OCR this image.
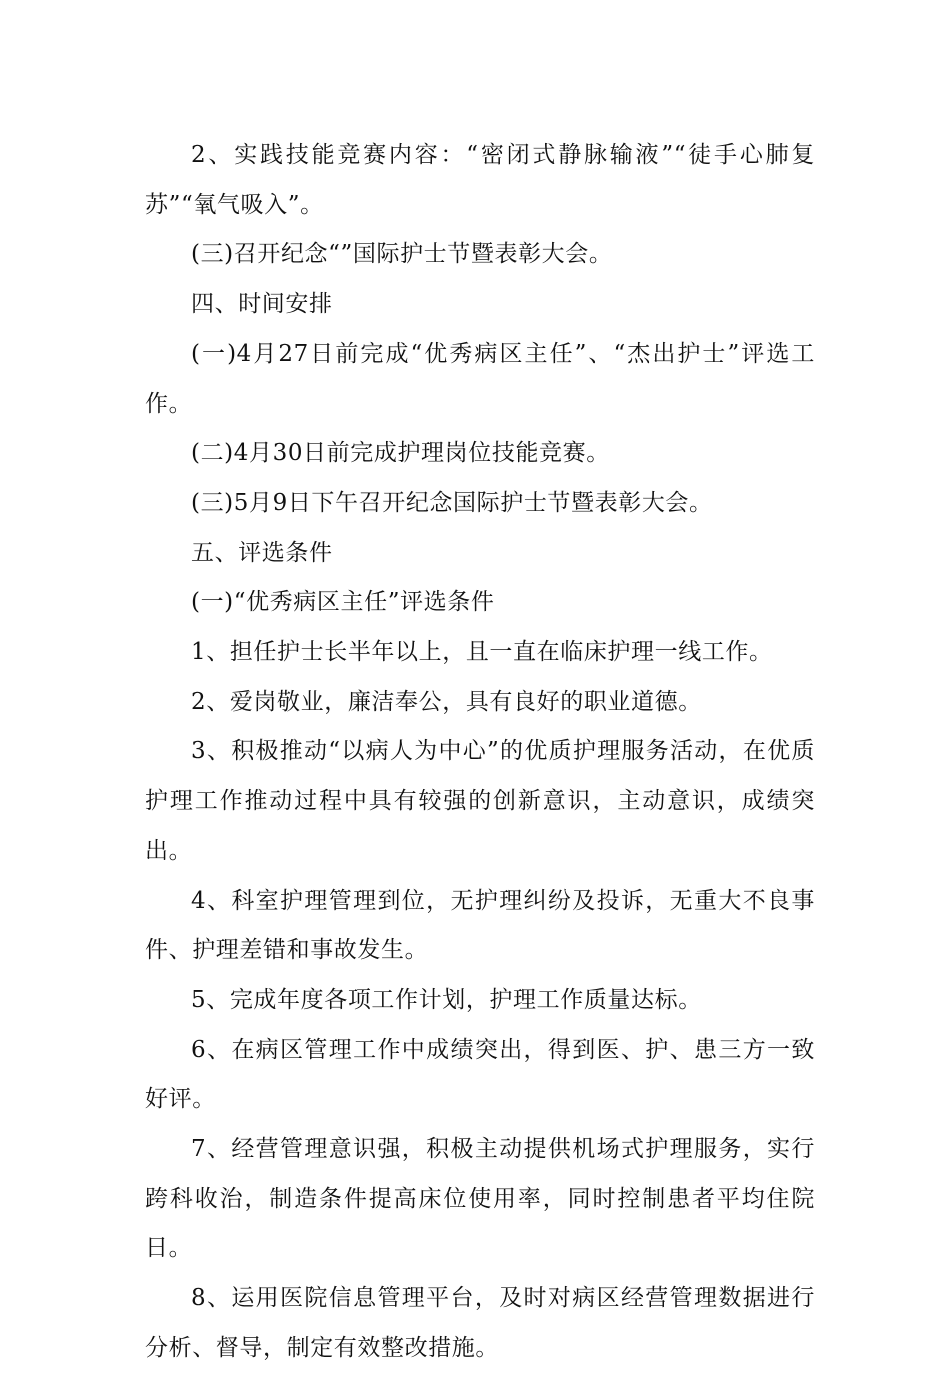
2、实践技能竞赛内容：“密闭式静脉输液”“徒手心肺复苏”“氧气吸入”。

(三)召开纪念“”国际护士节暨表彰大会。

四、时间安排

(一)4月27日前完成“优秀病区主任”、“杰出护士”评选工作。

(二)4月30日前完成护理岗位技能竞赛。

(三)5月9日下午召开纪念国际护士节暨表彰大会。

五、评选条件

(一)“优秀病区主任”评选条件

1、担任护士长半年以上，且一直在临床护理一线工作。

2、爱岗敬业，廉洁奉公，具有良好的职业道德。

3、积极推动“以病人为中心”的优质护理服务活动，在优质护理工作推动过程中具有较强的创新意识，主动意识，成绩突出。

4、科室护理管理到位，无护理纠纷及投诉，无重大不良事件、护理差错和事故发生。

5、完成年度各项工作计划，护理工作质量达标。

6、在病区管理工作中成绩突出，得到医、护、患三方一致好评。

7、经营管理意识强，积极主动提供机场式护理服务，实行跨科收治，制造条件提高床位使用率，同时控制患者平均住院日。

8、运用医院信息管理平台，及时对病区经营管理数据进行分析、督导，制定有效整改措施。
